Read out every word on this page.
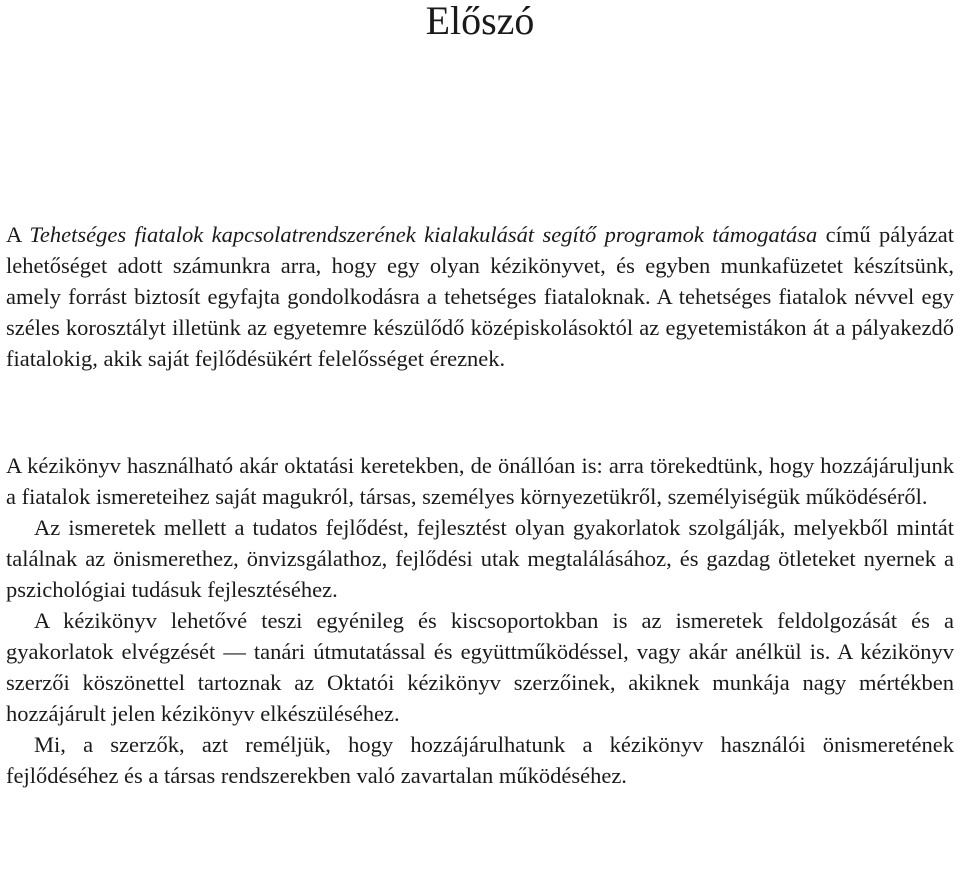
Előszó

A Tehetséges fiatalok kapcsolatrendszerének kialakulását segítő programok támogatása című pályázat lehetőséget adott számunkra arra, hogy egy olyan kézikönyvet, és egyben munkafüzetet készítsünk, amely forrást biztosít egyfajta gondolkodásra a tehetséges fiataloknak. A tehetséges fiatalok névvel egy széles korosztályt illetünk az egyetemre készülődő középiskolásoktól az egyetemistákon át a pályakezdő fiatalokig, akik saját fejlődésükért felelősséget éreznek.

A kézikönyv használható akár oktatási keretekben, de önállóan is: arra törekedtünk, hogy hozzájáruljunk a fiatalok ismereteihez saját magukról, társas, személyes környezetükről, személyiségük működéséről.

Az ismeretek mellett a tudatos fejlődést, fejlesztést olyan gyakorlatok szolgálják, melyekből mintát találnak az önismerethez, önvizsgálathoz, fejlődési utak megtalálásához, és gazdag ötleteket nyernek a pszichológiai tudásuk fejlesztéséhez.

A kézikönyv lehetővé teszi egyénileg és kiscsoportokban is az ismeretek feldolgozását és a gyakorlatok elvégzését — tanári útmutatással és együttműködéssel, vagy akár anélkül is. A kézikönyv szerzői köszönettel tartoznak az Oktatói kézikönyv szerzőinek, akiknek munkája nagy mértékben hozzájárult jelen kézikönyv elkészüléséhez.

Mi, a szerzők, azt reméljük, hogy hozzájárulhatunk a kézikönyv használói önismeretének fejlődéséhez és a társas rendszerekben való zavartalan működéséhez.
